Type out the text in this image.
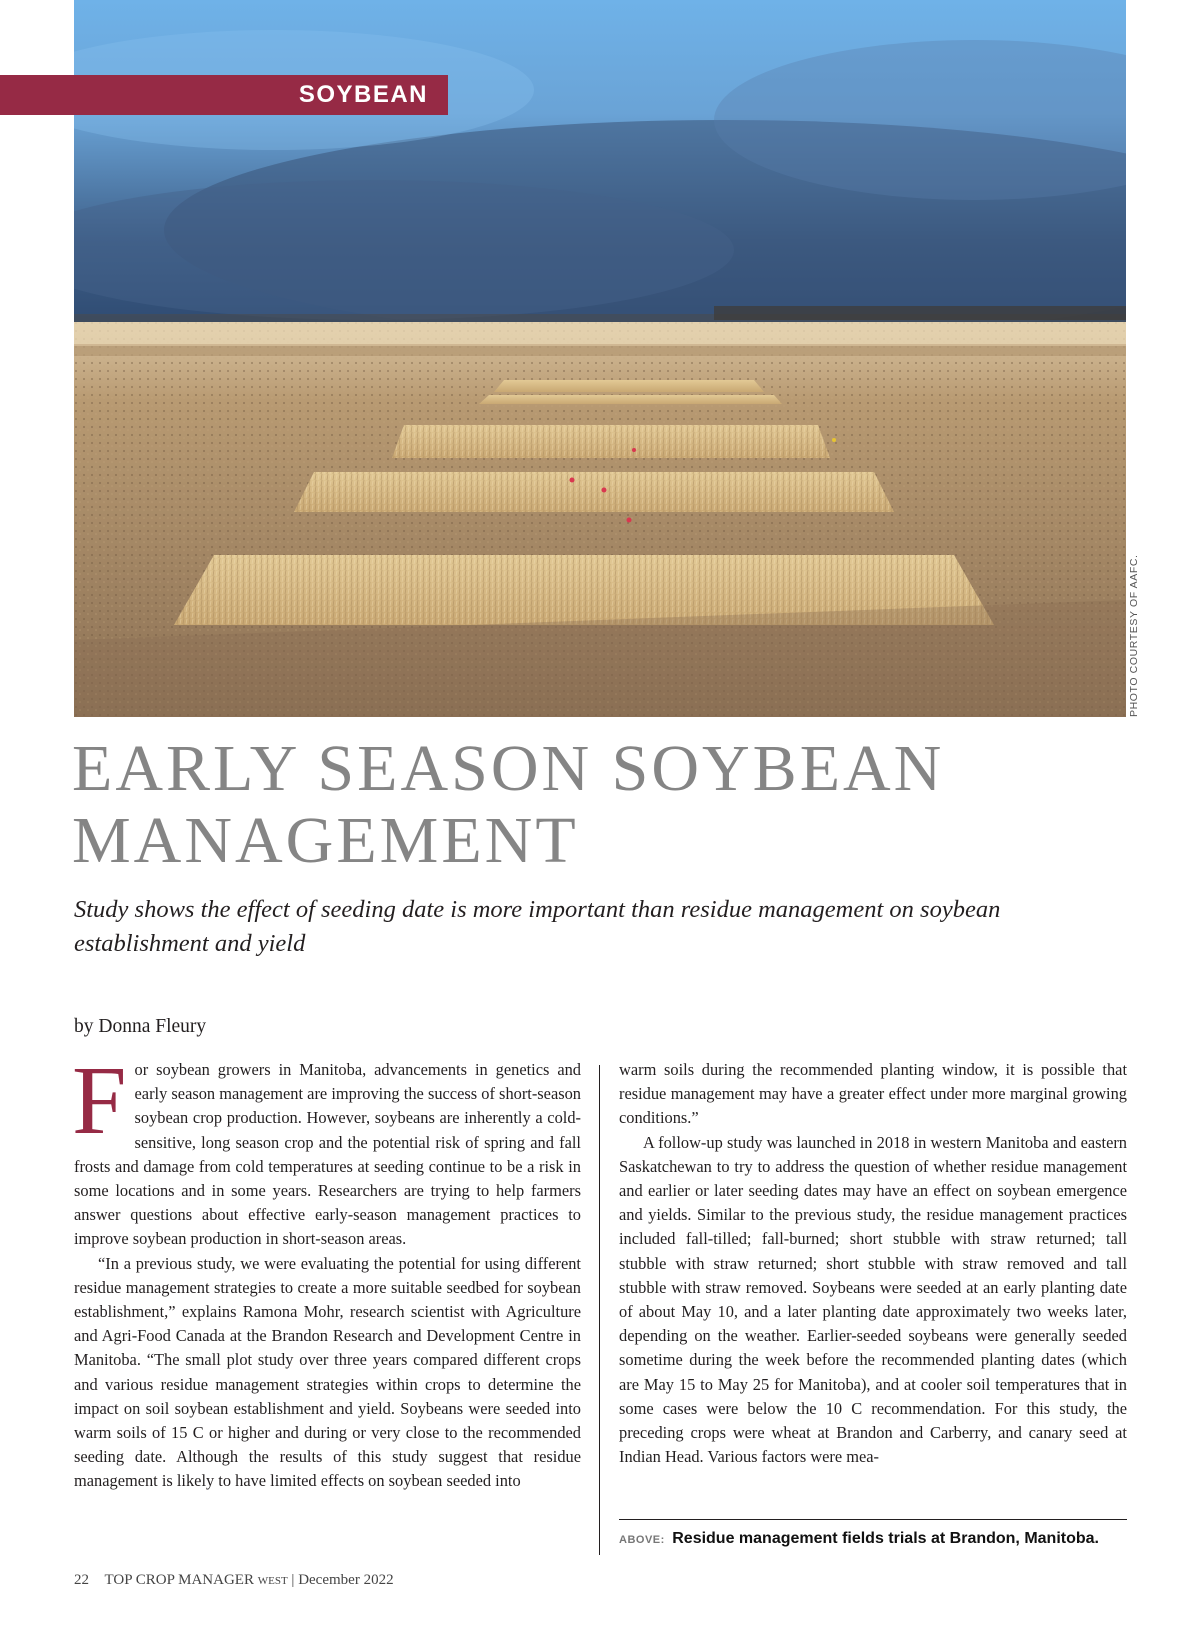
SOYBEAN
PHOTO COURTESY OF AAFC.
EARLY SEASON SOYBEAN
MANAGEMENT

Study shows the effect of seeding date is more important than residue management on soybean establishment and yield

by Donna Fleury

For soybean growers in Manitoba, advancements in genetics and early season management are improving the success of short-season soybean crop production. However, soybeans are inherently a cold-sensitive, long season crop and the potential risk of spring and fall frosts and damage from cold temperatures at seeding continue to be a risk in some locations and in some years. Researchers are trying to help farmers answer questions about effective early-season management practices to improve soybean production in short-season areas.

“In a previous study, we were evaluating the potential for using different residue management strategies to create a more suitable seedbed for soybean establishment,” explains Ramona Mohr, research scientist with Agriculture and Agri-Food Canada at the Brandon Research and Development Centre in Manitoba. “The small plot study over three years compared different crops and various residue management strategies within crops to determine the impact on soil soybean establishment and yield. Soybeans were seeded into warm soils of 15 C or higher and during or very close to the recommended seeding date. Although the results of this study suggest that residue management is likely to have limited effects on soybean seeded into

warm soils during the recommended planting window, it is possible that residue management may have a greater effect under more marginal growing conditions.”

A follow-up study was launched in 2018 in western Manitoba and eastern Saskatchewan to try to address the question of whether residue management and earlier or later seeding dates may have an effect on soybean emergence and yields. Similar to the previous study, the residue management practices included fall-tilled; fall-burned; short stubble with straw returned; tall stubble with straw returned; short stubble with straw removed and tall stubble with straw removed. Soybeans were seeded at an early planting date of about May 10, and a later planting date approximately two weeks later, depending on the weather. Earlier-seeded soybeans were generally seeded sometime during the week before the recommended planting dates (which are May 15 to May 25 for Manitoba), and at cooler soil temperatures that in some cases were below the 10 C recommendation. For this study, the preceding crops were wheat at Brandon and Carberry, and canary seed at Indian Head. Various factors were mea-

ABOVE: Residue management fields trials at Brandon, Manitoba.
22 TOP CROP MANAGER WEST | December 2022
